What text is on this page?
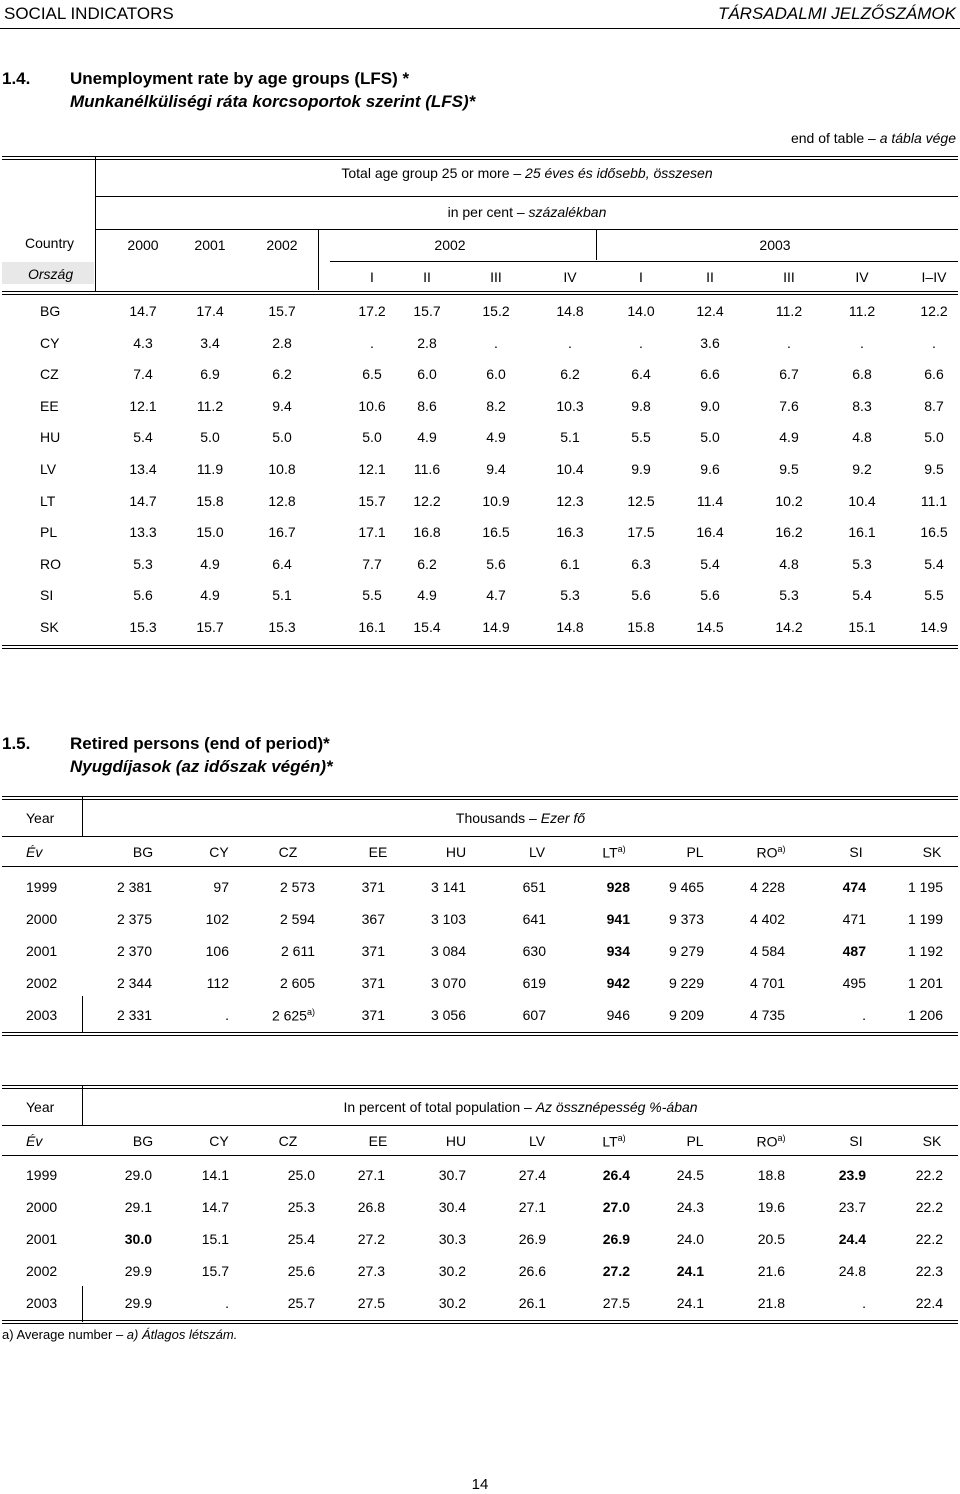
SOCIAL INDICATORS	TÁRSADALMI JELZŐSZÁMOK
1.4. Unemployment rate by age groups (LFS) *
Munkanélküliségi ráta korcsoportok szerint (LFS)*
end of table – a tábla vége
Total age group 25 or more – 25 éves és idősebb, összesen
in per cent – százalékban
Country
Ország
2000	2001	2002	2002	2003
I	II	III	IV	I	II	III	IV	I–IV
BG	14.7	17.4	15.7	17.2	15.7	15.2	14.8	14.0	12.4	11.2	11.2	12.2
CY	4.3	3.4	2.8	.	2.8	.	.	.	3.6	.	.	.
CZ	7.4	6.9	6.2	6.5	6.0	6.0	6.2	6.4	6.6	6.7	6.8	6.6
EE	12.1	11.2	9.4	10.6	8.6	8.2	10.3	9.8	9.0	7.6	8.3	8.7
HU	5.4	5.0	5.0	5.0	4.9	4.9	5.1	5.5	5.0	4.9	4.8	5.0
LV	13.4	11.9	10.8	12.1	11.6	9.4	10.4	9.9	9.6	9.5	9.2	9.5
LT	14.7	15.8	12.8	15.7	12.2	10.9	12.3	12.5	11.4	10.2	10.4	11.1
PL	13.3	15.0	16.7	17.1	16.8	16.5	16.3	17.5	16.4	16.2	16.1	16.5
RO	5.3	4.9	6.4	7.7	6.2	5.6	6.1	6.3	5.4	4.8	5.3	5.4
SI	5.6	4.9	5.1	5.5	4.9	4.7	5.3	5.6	5.6	5.3	5.4	5.5
SK	15.3	15.7	15.3	16.1	15.4	14.9	14.8	15.8	14.5	14.2	15.1	14.9
1.5. Retired persons (end of period)*
Nyugdíjasok (az időszak végén)*
Year
Év
Thousands – Ezer fő
BG	CY	CZ	EE	HU	LV	LT$^{a)}$	PL	RO$^{a)}$	SI	SK
1999	2 381	97	2 573	371	3 141	651	928	9 465	4 228	474	1 195
2000	2 375	102	2 594	367	3 103	641	941	9 373	4 402	471	1 199
2001	2 370	106	2 611	371	3 084	630	934	9 279	4 584	487	1 192
2002	2 344	112	2 605	371	3 070	619	942	9 229	4 701	495	1 201
2003	2 331	.	2 625$^{a)}$	371	3 056	607	946	9 209	4 735	.	1 206
Year
Év
In percent of total population – Az össznépesség %-ában
BG	CY	CZ	EE	HU	LV	LT$^{a)}$	PL	RO$^{a)}$	SI	SK
1999	29.0	14.1	25.0	27.1	30.7	27.4	26.4	24.5	18.8	23.9	22.2
2000	29.1	14.7	25.3	26.8	30.4	27.1	27.0	24.3	19.6	23.7	22.2
2001	30.0	15.1	25.4	27.2	30.3	26.9	26.9	24.0	20.5	24.4	22.2
2002	29.9	15.7	25.6	27.3	30.2	26.6	27.2	24.1	21.6	24.8	22.3
2003	29.9	.	25.7	27.5	30.2	26.1	27.5	24.1	21.8	.	22.4
a) Average number – a) Átlagos létszám.
14
